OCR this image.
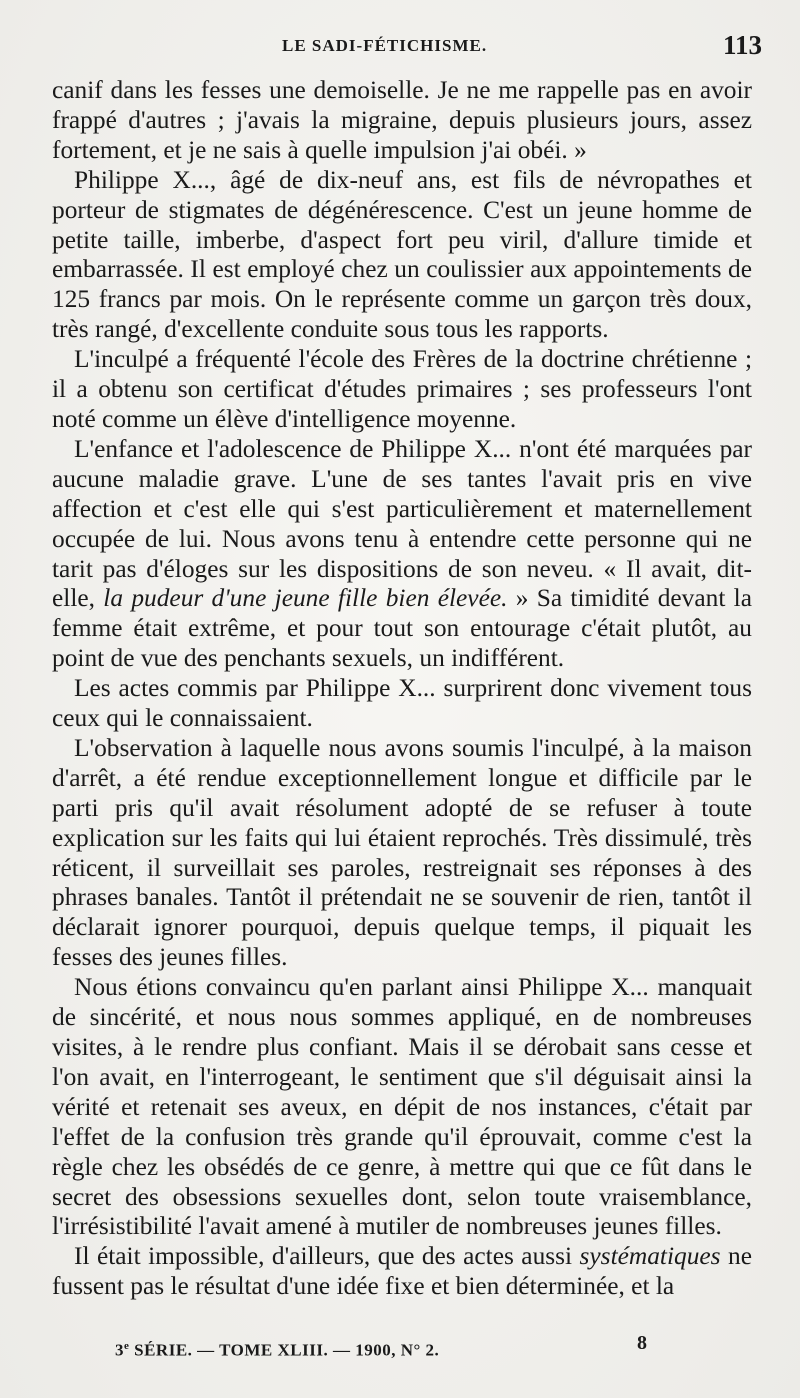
LE SADI-FÉTICHISME.	113

canif dans les fesses une demoiselle. Je ne me rappelle pas en avoir frappé d'autres ; j'avais la migraine, depuis plusieurs jours, assez fortement, et je ne sais à quelle impulsion j'ai obéi. »

Philippe X..., âgé de dix-neuf ans, est fils de névropathes et porteur de stigmates de dégénérescence. C'est un jeune homme de petite taille, imberbe, d'aspect fort peu viril, d'allure timide et embarrassée. Il est employé chez un coulissier aux appointements de 125 francs par mois. On le représente comme un garçon très doux, très rangé, d'excellente conduite sous tous les rapports.

L'inculpé a fréquenté l'école des Frères de la doctrine chrétienne ; il a obtenu son certificat d'études primaires ; ses professeurs l'ont noté comme un élève d'intelligence moyenne.

L'enfance et l'adolescence de Philippe X... n'ont été marquées par aucune maladie grave. L'une de ses tantes l'avait pris en vive affection et c'est elle qui s'est particulièrement et maternellement occupée de lui. Nous avons tenu à entendre cette personne qui ne tarit pas d'éloges sur les dispositions de son neveu. « Il avait, dit-elle, la pudeur d'une jeune fille bien élevée. » Sa timidité devant la femme était extrême, et pour tout son entourage c'était plutôt, au point de vue des penchants sexuels, un indifférent.

Les actes commis par Philippe X... surprirent donc vivement tous ceux qui le connaissaient.

L'observation à laquelle nous avons soumis l'inculpé, à la maison d'arrêt, a été rendue exceptionnellement longue et difficile par le parti pris qu'il avait résolument adopté de se refuser à toute explication sur les faits qui lui étaient reprochés. Très dissimulé, très réticent, il surveillait ses paroles, restreignait ses réponses à des phrases banales. Tantôt il prétendait ne se souvenir de rien, tantôt il déclarait ignorer pourquoi, depuis quelque temps, il piquait les fesses des jeunes filles.

Nous étions convaincu qu'en parlant ainsi Philippe X... manquait de sincérité, et nous nous sommes appliqué, en de nombreuses visites, à le rendre plus confiant. Mais il se dérobait sans cesse et l'on avait, en l'interrogeant, le sentiment que s'il déguisait ainsi la vérité et retenait ses aveux, en dépit de nos instances, c'était par l'effet de la confusion très grande qu'il éprouvait, comme c'est la règle chez les obsédés de ce genre, à mettre qui que ce fût dans le secret des obsessions sexuelles dont, selon toute vraisemblance, l'irrésistibilité l'avait amené à mutiler de nombreuses jeunes filles.

Il était impossible, d'ailleurs, que des actes aussi systématiques ne fussent pas le résultat d'une idée fixe et bien déterminée, et la

3e SÉRIE. — TOME XLIII. — 1900, N° 2.	8
